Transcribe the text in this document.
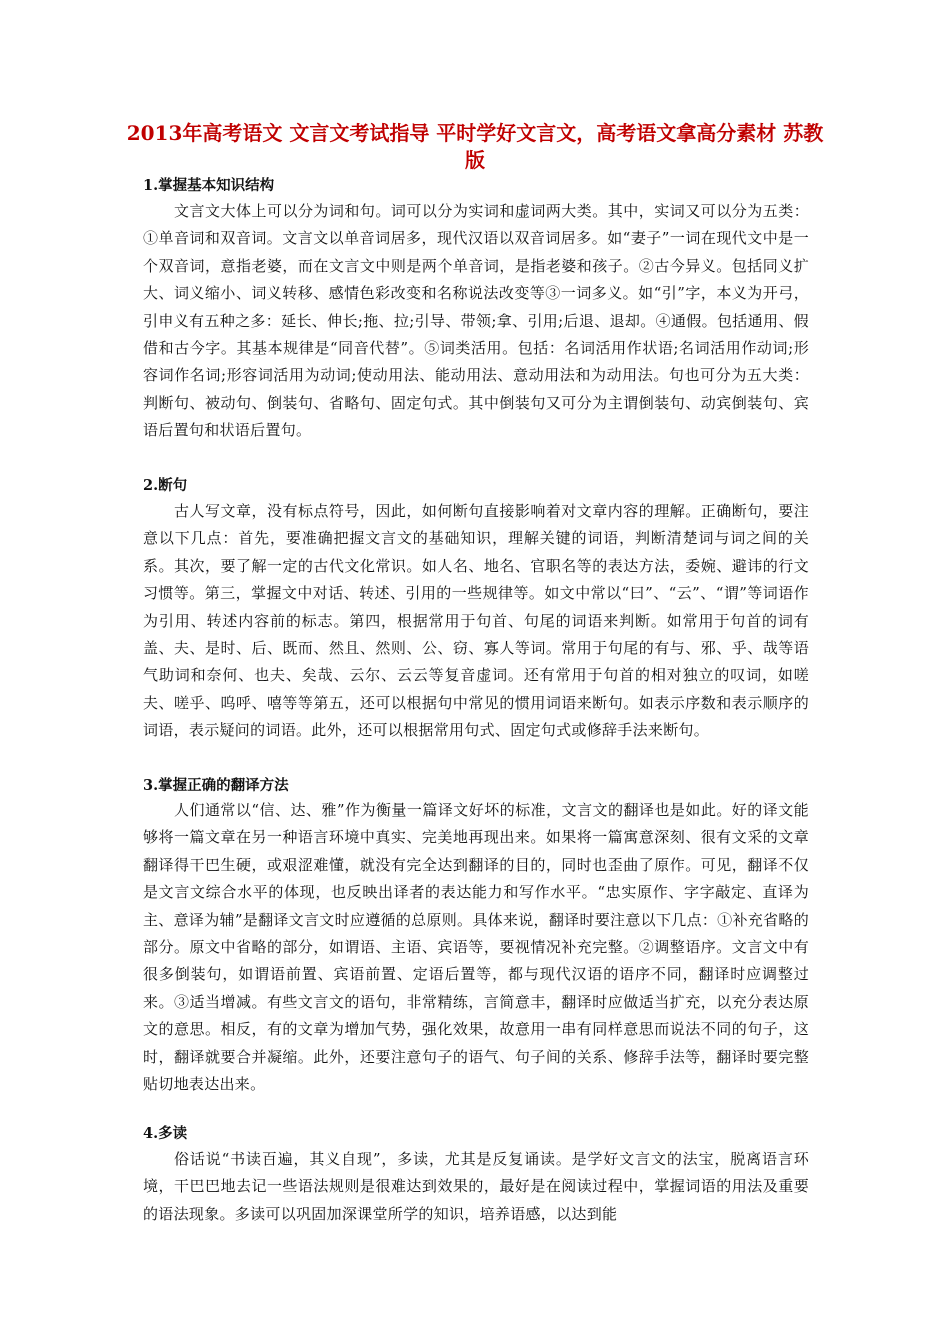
2013年高考语文 文言文考试指导 平时学好文言文，高考语文拿高分素材 苏教版
1.掌握基本知识结构

文言文大体上可以分为词和句。词可以分为实词和虚词两大类。其中，实词又可以分为五类：①单音词和双音词。文言文以单音词居多，现代汉语以双音词居多。如“妻子”一词在现代文中是一个双音词，意指老婆，而在文言文中则是两个单音词，是指老婆和孩子。②古今异义。包括同义扩大、词义缩小、词义转移、感情色彩改变和名称说法改变等③一词多义。如“引”字，本义为开弓，引申义有五种之多：延长、伸长;拖、拉;引导、带领;拿、引用;后退、退却。④通假。包括通用、假借和古今字。其基本规律是“同音代替”。⑤词类活用。包括：名词活用作状语;名词活用作动词;形容词作名词;形容词活用为动词;使动用法、能动用法、意动用法和为动用法。句也可分为五大类：判断句、被动句、倒装句、省略句、固定句式。其中倒装句又可分为主谓倒装句、动宾倒装句、宾语后置句和状语后置句。

2.断句

古人写文章，没有标点符号，因此，如何断句直接影响着对文章内容的理解。正确断句，要注意以下几点：首先，要准确把握文言文的基础知识，理解关键的词语，判断清楚词与词之间的关系。其次，要了解一定的古代文化常识。如人名、地名、官职名等的表达方法，委婉、避讳的行文习惯等。第三，掌握文中对话、转述、引用的一些规律等。如文中常以“曰”、“云”、“谓”等词语作为引用、转述内容前的标志。第四，根据常用于句首、句尾的词语来判断。如常用于句首的词有盖、夫、是时、后、既而、然且、然则、公、窃、寡人等词。常用于句尾的有与、邪、乎、哉等语气助词和奈何、也夫、矣哉、云尔、云云等复音虚词。还有常用于句首的相对独立的叹词，如嗟夫、嗟乎、呜呼、嘻等等第五，还可以根据句中常见的惯用词语来断句。如表示序数和表示顺序的词语，表示疑问的词语。此外，还可以根据常用句式、固定句式或修辞手法来断句。

3.掌握正确的翻译方法

人们通常以“信、达、雅”作为衡量一篇译文好坏的标准，文言文的翻译也是如此。好的译文能够将一篇文章在另一种语言环境中真实、完美地再现出来。如果将一篇寓意深刻、很有文采的文章翻译得干巴生硬，或艰涩难懂，就没有完全达到翻译的目的，同时也歪曲了原作。可见，翻译不仅是文言文综合水平的体现，也反映出译者的表达能力和写作水平。“忠实原作、字字敲定、直译为主、意译为辅”是翻译文言文时应遵循的总原则。具体来说，翻译时要注意以下几点：①补充省略的部分。原文中省略的部分，如谓语、主语、宾语等，要视情况补充完整。②调整语序。文言文中有很多倒装句，如谓语前置、宾语前置、定语后置等，都与现代汉语的语序不同，翻译时应调整过来。③适当增减。有些文言文的语句，非常精练，言简意丰，翻译时应做适当扩充，以充分表达原文的意思。相反，有的文章为增加气势，强化效果，故意用一串有同样意思而说法不同的句子，这时，翻译就要合并凝缩。此外，还要注意句子的语气、句子间的关系、修辞手法等，翻译时要完整贴切地表达出来。

4.多读

俗话说“书读百遍，其义自现”，多读，尤其是反复诵读。是学好文言文的法宝，脱离语言环境，干巴巴地去记一些语法规则是很难达到效果的，最好是在阅读过程中，掌握词语的用法及重要的语法现象。多读可以巩固加深课堂所学的知识，培养语感，以达到能
